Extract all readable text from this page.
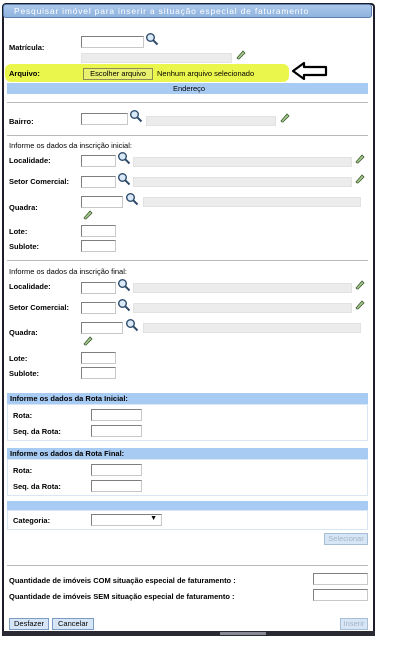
Pesquisar imóvel para inserir a situação especial de faturamento
Matrícula:
Arquivo:	Escolher arquivo	Nenhum arquivo selecionado
Endereço
Bairro:
Informe os dados da inscrição inicial:
Localidade:
Setor Comercial:
Quadra:
Lote:
Sublote:
Informe os dados da inscrição final:
Localidade:
Setor Comercial:
Quadra:
Lote:
Sublote:
Informe os dados da Rota Inicial:
Rota:
Seq. da Rota:
Informe os dados da Rota Final:
Rota:
Seq. da Rota:
Categoria:	▼
Selecionar
Quantidade de imóveis COM situação especial de faturamento :
Quantidade de imóveis SEM situação especial de faturamento :
Desfazer	Cancelar	Inserir
